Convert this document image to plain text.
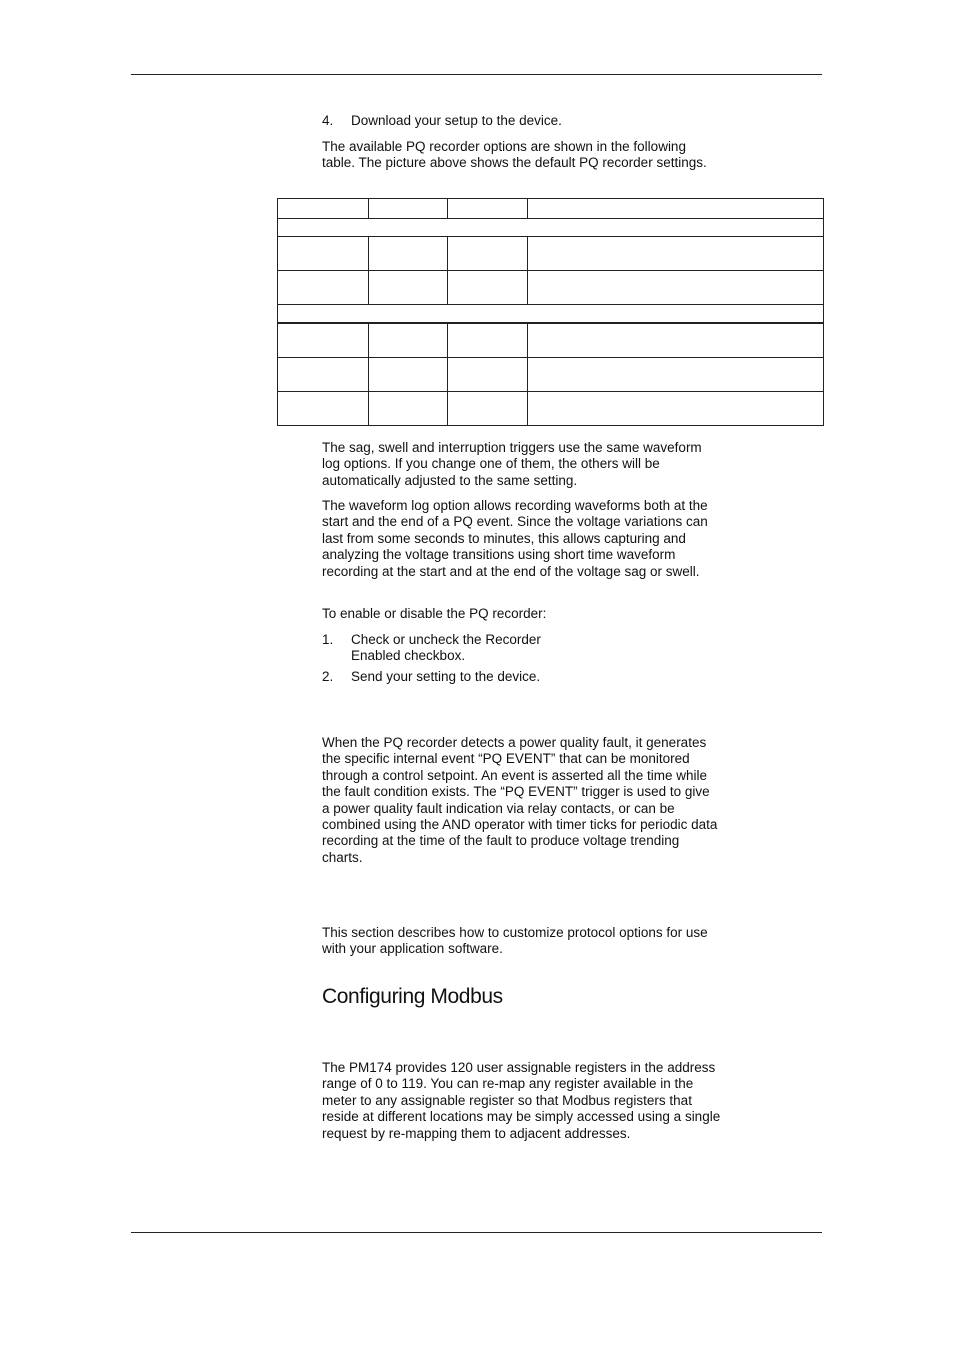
4.	Download your setup to the device.

The available PQ recorder options are shown in the following table. The picture above shows the default PQ recorder settings.

The sag, swell and interruption triggers use the same waveform log options. If you change one of them, the others will be automatically adjusted to the same setting.

The waveform log option allows recording waveforms both at the start and the end of a PQ event. Since the voltage variations can last from some seconds to minutes, this allows capturing and analyzing the voltage transitions using short time waveform recording at the start and at the end of the voltage sag or swell.

To enable or disable the PQ recorder:

1.	Check or uncheck the Recorder Enabled checkbox.
2.	Send your setting to the device.

When the PQ recorder detects a power quality fault, it generates the specific internal event “PQ EVENT” that can be monitored through a control setpoint. An event is asserted all the time while the fault condition exists. The “PQ EVENT” trigger is used to give a power quality fault indication via relay contacts, or can be combined using the AND operator with timer ticks for periodic data recording at the time of the fault to produce voltage trending charts.

This section describes how to customize protocol options for use with your application software.

Configuring Modbus

The PM174 provides 120 user assignable registers in the address range of 0 to 119. You can re-map any register available in the meter to any assignable register so that Modbus registers that reside at different locations may be simply accessed using a single request by re-mapping them to adjacent addresses.
